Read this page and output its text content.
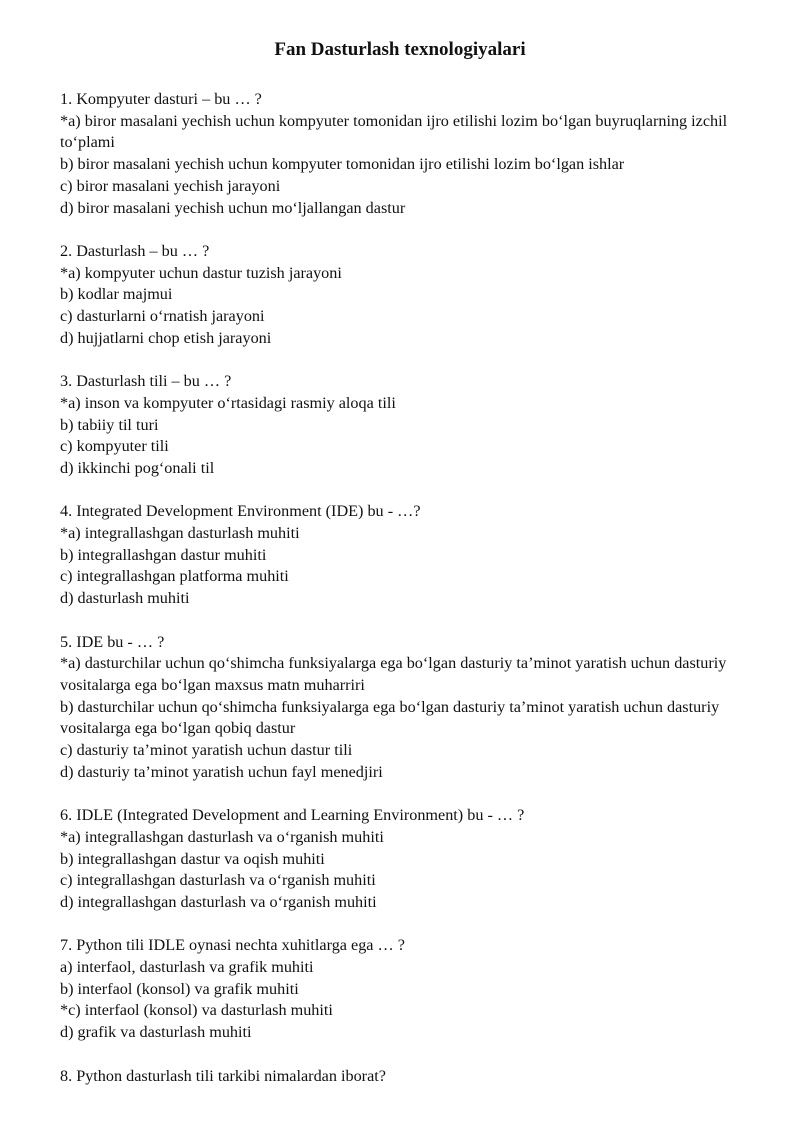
Fan Dasturlash texnologiyalari
1. Kompyuter dasturi – bu … ?
*a) biror masalani yechish uchun kompyuter tomonidan ijro etilishi lozim bo‘lgan buyruqlarning izchil to‘plami
b) biror masalani yechish uchun kompyuter tomonidan ijro etilishi lozim bo‘lgan ishlar
c) biror masalani yechish jarayoni
d) biror masalani yechish uchun mo‘ljallangan dastur
2. Dasturlash – bu … ?
*a) kompyuter uchun dastur tuzish jarayoni
b) kodlar majmui
c) dasturlarni o‘rnatish jarayoni
d) hujjatlarni chop etish jarayoni
3. Dasturlash tili – bu … ?
*a) inson va kompyuter o‘rtasidagi rasmiy aloqa tili
b) tabiiy til turi
c) kompyuter tili
d) ikkinchi pog‘onali til
4. Integrated Development Environment (IDE) bu - …?
*a) integrallashgan dasturlash muhiti
b) integrallashgan dastur muhiti
c) integrallashgan platforma muhiti
d) dasturlash muhiti
5. IDE bu - … ?
*a) dasturchilar uchun qo‘shimcha funksiyalarga ega bo‘lgan dasturiy ta’minot yaratish uchun dasturiy vositalarga ega bo‘lgan maxsus matn muharriri
b) dasturchilar uchun qo‘shimcha funksiyalarga ega bo‘lgan dasturiy ta’minot yaratish uchun dasturiy vositalarga ega bo‘lgan qobiq dastur
c) dasturiy ta’minot yaratish uchun dastur tili
d) dasturiy ta’minot yaratish uchun fayl menedjiri
6. IDLE (Integrated Development and Learning Environment) bu - … ?
*a) integrallashgan dasturlash va o‘rganish muhiti
b) integrallashgan dastur va oqish muhiti
c) integrallashgan dasturlash va o‘rganish muhiti
d) integrallashgan dasturlash va o‘rganish muhiti
7. Python tili IDLE oynasi nechta xuhitlarga ega … ?
a) interfaol, dasturlash va grafik muhiti
b) interfaol (konsol) va grafik muhiti
*c) interfaol (konsol) va dasturlash muhiti
d) grafik va dasturlash muhiti
8. Python dasturlash tili tarkibi nimalardan iborat?
